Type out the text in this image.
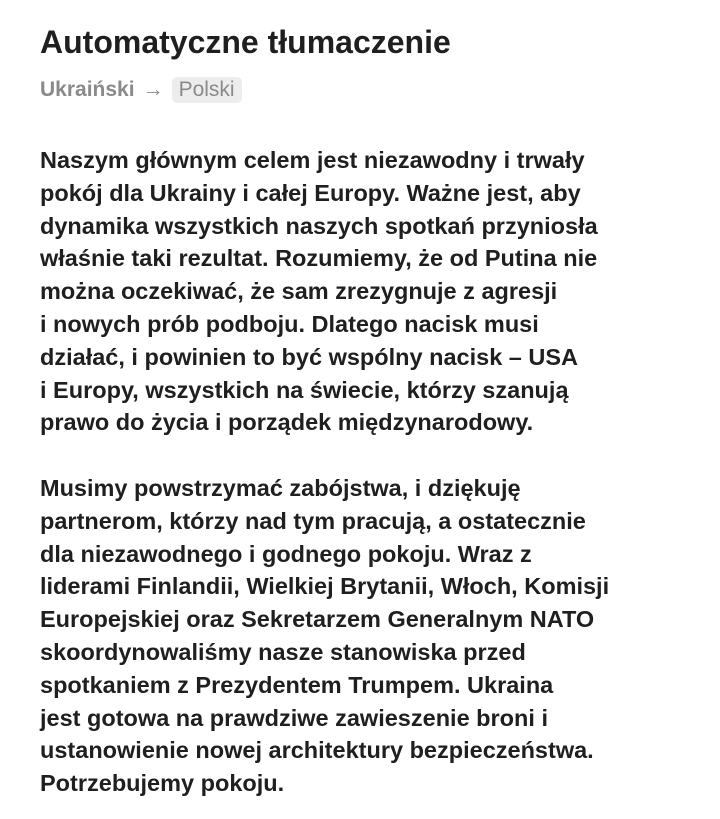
Automatyczne tłumaczenie
Ukraiński → Polski

Naszym głównym celem jest niezawodny i trwały
pokój dla Ukrainy i całej Europy. Ważne jest, aby
dynamika wszystkich naszych spotkań przyniosła
właśnie taki rezultat. Rozumiemy, że od Putina nie
można oczekiwać, że sam zrezygnuje z agresji
i nowych prób podboju. Dlatego nacisk musi
działać, i powinien to być wspólny nacisk – USA
i Europy, wszystkich na świecie, którzy szanują
prawo do życia i porządek międzynarodowy.

Musimy powstrzymać zabójstwa, i dziękuję
partnerom, którzy nad tym pracują, a ostatecznie
dla niezawodnego i godnego pokoju. Wraz z
liderami Finlandii, Wielkiej Brytanii, Włoch, Komisji
Europejskiej oraz Sekretarzem Generalnym NATO
skoordynowaliśmy nasze stanowiska przed
spotkaniem z Prezydentem Trumpem. Ukraina
jest gotowa na prawdziwe zawieszenie broni i
ustanowienie nowej architektury bezpieczeństwa.
Potrzebujemy pokoju.
